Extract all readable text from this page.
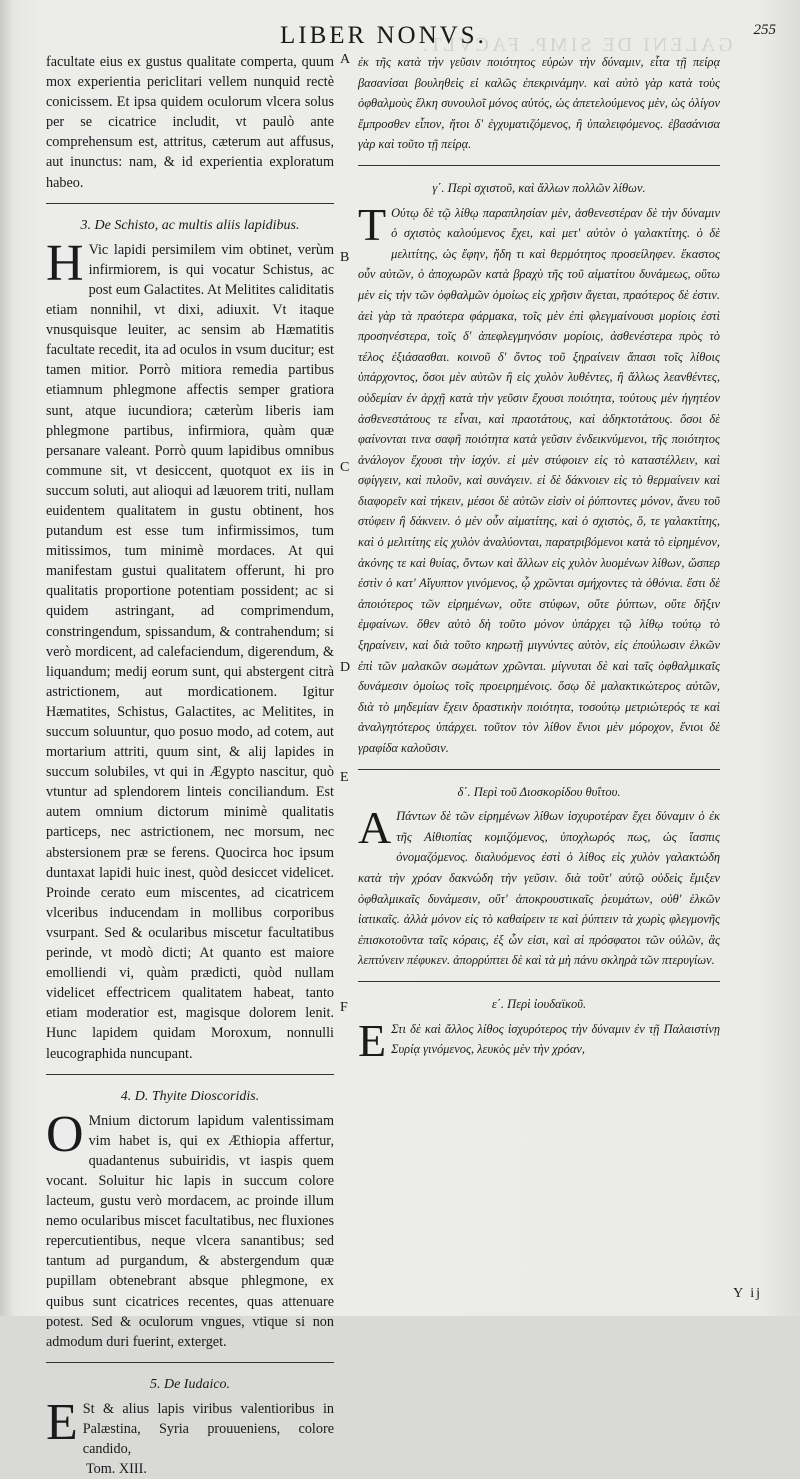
GALENI DE SIMP. FACVLT.
LIBER NONVS.	255
A
B
C
D
E
F

facultate eius ex gustus qualitate comperta, quum mox experientia periclitari vellem nunquid rectè conicissem. Et ipsa quidem oculorum vlcera solus per se cicatrice includit, vt paulò ante comprehensum est, attritus, cæterum aut affusus, aut inunctus: nam, & id experientia exploratum habeo.

3. De Schisto, ac multis aliis lapidibus.

H Vic lapidi persimilem vim obtinet, verùm infirmiorem, is qui vocatur Schistus, ac post eum Galactites. At Melitites caliditatis etiam nonnihil, vt dixi, adiuxit. Vt itaque vnusquisque leuiter, ac sensim ab Hæmatitis facultate recedit, ita ad oculos in vsum ducitur; est tamen mitior. Porrò mitiora remedia partibus etiamnum phlegmone affectis semper gratiora sunt, atque iucundiora; cæterùm liberis iam phlegmone partibus, infirmiora, quàm quæ persanare valeant. Porrò quum lapidibus omnibus commune sit, vt desiccent, quotquot ex iis in succum soluti, aut alioqui ad læuorem triti, nullam euidentem qualitatem in gustu obtinent, hos putandum est esse tum infirmissimos, tum mitissimos, tum minimè mordaces. At qui manifestam gustui qualitatem offerunt, hi pro qualitatis proportione potentiam possident; ac si quidem astringant, ad comprimendum, constringendum, spissandum, & contrahendum; si verò mordicent, ad calefaciendum, digerendum, & liquandum; medij eorum sunt, qui abstergent citrà astrictionem, aut mordicationem. Igitur Hæmatites, Schistus, Galactites, ac Melitites, in succum soluuntur, quo posuo modo, ad cotem, aut mortarium attriti, quum sint, & alij lapides in succum solubiles, vt qui in Ægypto nascitur, quò vtuntur ad splendorem linteis conciliandum. Est autem omnium dictorum minimè qualitatis particeps, nec astrictionem, nec morsum, nec abstersionem præ se ferens. Quocirca hoc ipsum duntaxat lapidi huic inest, quòd desiccet videlicet. Proinde cerato eum miscentes, ad cicatricem vlceribus inducendam in mollibus corporibus vsurpant. Sed & ocularibus miscetur facultatibus perinde, vt modò dicti; At quanto est maiore emolliendi vi, quàm prædicti, quòd nullam videlicet effectricem qualitatem habeat, tanto etiam moderatior est, magisque dolorem lenit. Hunc lapidem quidam Moroxum, nonnulli leucographida nuncupant.

4. D. Thyite Dioscoridis.

O Mnium dictorum lapidum valentissimam vim habet is, qui ex Æthiopia affertur, quadantenus subuiridis, vt iaspis quem vocant. Soluitur hic lapis in succum colore lacteum, gustu verò mordacem, ac proinde illum nemo ocularibus miscet facultatibus, nec fluxiones repercutientibus, neque vlcera sanantibus; sed tantum ad purgandum, & abstergendum quæ pupillam obtenebrant absque phlegmone, ex quibus sunt cicatrices recentes, quas attenuare potest. Sed & oculorum vngues, vtique si non admodum duri fuerint, exterget.

5. De Iudaico.

E St & alius lapis viribus valentioribus in Palæstina, Syria prouueniens, colore candido,

Tom. XIII.

ἐκ τῆς κατὰ τὴν γεῦσιν ποιότητος εὑρὼν τὴν δύναμιν, εἶτα τῇ πείρᾳ βασανίσαι βουληθεὶς εἰ καλῶς ἐπεκρινάμην. καὶ αὐτὸ γὰρ κατὰ τοὺς ὀφθαλμοὺς ἕλκη συνουλοῖ μόνος αὐτός, ὡς ἀπετελούμενος μὲν, ὡς ὀλίγον ἔμπροσθεν εἶπον, ἤτοι δ' ἐγχυματιζόμενος, ἢ ὑπαλειφόμενος. ἐβασάνισα γὰρ καὶ τοῦτο τῇ πείρᾳ.

γ΄. Περὶ σχιστοῦ, καὶ ἄλλων πολλῶν λίθων.

Τ Ούτῳ δὲ τῷ λίθῳ παραπλησίαν μὲν, ἀσθενεστέραν δὲ τὴν δύναμιν ὁ σχιστὸς καλούμενος ἔχει, καὶ μετ' αὐτὸν ὁ γαλακτίτης. ὁ δὲ μελιτίτης, ὡς ἔφην, ἤδη τι καὶ θερμότητος προσείληφεν. ἕκαστος οὖν αὐτῶν, ὁ ἀποχωρῶν κατὰ βραχὺ τῆς τοῦ αἱματίτου δυνάμεως, οὕτω μὲν εἰς τὴν τῶν ὀφθαλμῶν ὁμοίως εἰς χρῆσιν ἄγεται, πραότερος δὲ ἐστιν. ἀεὶ γὰρ τὰ πραότερα φάρμακα, τοῖς μὲν ἐπὶ φλεγμαίνουσι μορίοις ἐστὶ προσηνέστερα, τοῖς δ' ἀπεφλεγμηνόσιν μορίοις, ἀσθενέστερα πρὸς τὸ τέλος ἐξιάσασθαι. κοινοῦ δ' ὄντος τοῦ ξηραίνειν ἅπασι τοῖς λίθοις ὑπάρχοντος, ὅσοι μὲν αὐτῶν ἢ εἰς χυλὸν λυθέντες, ἢ ἄλλως λεανθέντες, οὐδεμίαν ἐν ἀρχῇ κατὰ τὴν γεῦσιν ἔχουσι ποιότητα, τούτους μὲν ἡγητέον ἀσθενεστάτους τε εἶναι, καὶ πραοτάτους, καὶ ἀδηκτοτάτους. ὅσοι δὲ φαίνονται τινα σαφῆ ποιότητα κατὰ γεῦσιν ἐνδεικνύμενοι, τῆς ποιότητος ἀνάλογον ἔχουσι τὴν ἰσχύν. εἰ μὲν στύφοιεν εἰς τὸ καταστέλλειν, καὶ σφίγγειν, καὶ πιλοῦν, καὶ συνάγειν. εἰ δὲ δάκνοιεν εἰς τὸ θερμαίνειν καὶ διαφορεῖν καὶ τήκειν, μέσοι δὲ αὐτῶν εἰσὶν οἱ ῥύπτοντες μόνον, ἄνευ τοῦ στύφειν ἢ δάκνειν. ὁ μὲν οὖν αἱματίτης, καὶ ὁ σχιστὸς, ὅ, τε γαλακτίτης, καὶ ὁ μελιτίτης εἰς χυλὸν ἀναλύονται, παρατριβόμενοι κατὰ τὸ εἰρημένον, ἀκόνης τε καὶ θυίας, ὄντων καὶ ἄλλων εἰς χυλὸν λυομένων λίθων, ὥσπερ ἐστὶν ὁ κατ' Αἴγυπτον γινόμενος, ᾧ χρῶνται σμήχοντες τὰ ὀθόνια. ἔστι δὲ ἀποιότερος τῶν εἰρημένων, οὔτε στύφων, οὔτε ῥύπτων, οὔτε δῆξιν ἐμφαίνων. ὅθεν αὐτὸ δὴ τοῦτο μόνον ὑπάρχει τῷ λίθῳ τούτῳ τὸ ξηραίνειν, καὶ διὰ τοῦτο κηρωτῇ μιγνύντες αὐτὸν, εἰς ἐπούλωσιν ἑλκῶν ἐπὶ τῶν μαλακῶν σωμάτων χρῶνται. μίγνυται δὲ καὶ ταῖς ὀφθαλμικαῖς δυνάμεσιν ὁμοίως τοῖς προειρημένοις. ὅσῳ δὲ μαλακτικώτερος αὐτῶν, διὰ τὸ μηδεμίαν ἔχειν δραστικὴν ποιότητα, τοσούτῳ μετριώτερός τε καὶ ἀναλγητότερος ὑπάρχει. τοῦτον τὸν λίθον ἔνιοι μὲν μόροχον, ἔνιοι δὲ γραφίδα καλοῦσιν.

δ΄. Περὶ τοῦ Διοσκορίδου θυΐτου.

Α Πάντων δὲ τῶν εἰρημένων λίθων ἰσχυροτέραν ἔχει δύναμιν ὁ ἐκ τῆς Αἰθιοπίας κομιζόμενος, ὑποχλωρός πως, ὡς ἴασπις ὀνομαζόμενος. διαλυόμενος ἐστὶ ὁ λίθος εἰς χυλὸν γαλακτώδη κατὰ τὴν χρόαν δακνώδη τὴν γεῦσιν. διὰ τοῦτ' αὐτῷ οὐδεὶς ἔμιξεν ὀφθαλμικαῖς δυνάμεσιν, οὔτ' ἀποκρουστικαῖς ῥευμάτων, οὐθ' ἑλκῶν ἰατικαῖς. ἀλλὰ μόνον εἰς τὸ καθαίρειν τε καὶ ῥύπτειν τὰ χωρὶς φλεγμονῆς ἐπισκοτοῦντα ταῖς κόραις, ἐξ ὧν εἰσι, καὶ αἱ πρόσφατοι τῶν οὐλῶν, ἃς λεπτύνειν πέφυκεν. ἀπορρύπτει δὲ καὶ τὰ μὴ πάνυ σκληρὰ τῶν πτερυγίων.

ε΄. Περὶ ἰουδαϊκοῦ.

Ε Στι δὲ καὶ ἄλλος λίθος ἰσχυρότερος τὴν δύναμιν ἐν τῇ Παλαιστίνῃ Συρίᾳ γινόμενος, λευκὸς μὲν τὴν χρόαν,

Y ij
